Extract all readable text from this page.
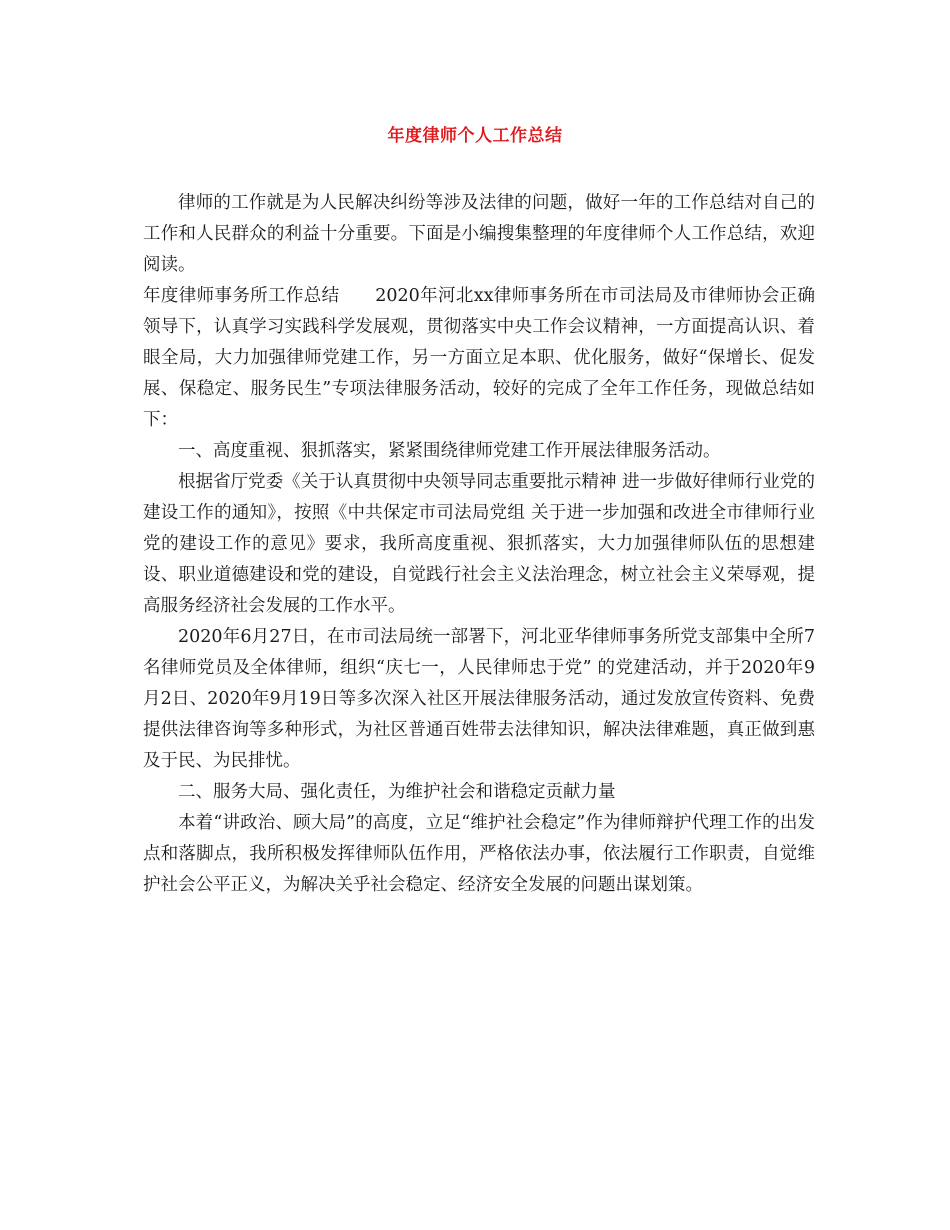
年度律师个人工作总结

律师的工作就是为人民解决纠纷等涉及法律的问题，做好一年的工作总结对自己的工作和人民群众的利益十分重要。下面是小编搜集整理的年度律师个人工作总结，欢迎阅读。

年度律师事务所工作总结　　2020年河北xx律师事务所在市司法局及市律师协会正确领导下，认真学习实践科学发展观，贯彻落实中央工作会议精神，一方面提高认识、着眼全局，大力加强律师党建工作，另一方面立足本职、优化服务，做好“保增长、促发展、保稳定、服务民生”专项法律服务活动，较好的完成了全年工作任务，现做总结如下：

一、高度重视、狠抓落实，紧紧围绕律师党建工作开展法律服务活动。

根据省厅党委《关于认真贯彻中央领导同志重要批示精神 进一步做好律师行业党的建设工作的通知》，按照《中共保定市司法局党组 关于进一步加强和改进全市律师行业党的建设工作的意见》要求，我所高度重视、狠抓落实，大力加强律师队伍的思想建设、职业道德建设和党的建设，自觉践行社会主义法治理念，树立社会主义荣辱观，提高服务经济社会发展的工作水平。

2020年6月27日，在市司法局统一部署下，河北亚华律师事务所党支部集中全所7名律师党员及全体律师，组织“庆七一，人民律师忠于党” 的党建活动，并于2020年9月2日、2020年9月19日等多次深入社区开展法律服务活动，通过发放宣传资料、免费提供法律咨询等多种形式，为社区普通百姓带去法律知识，解决法律难题，真正做到惠及于民、为民排忧。

二、服务大局、强化责任，为维护社会和谐稳定贡献力量

本着“讲政治、顾大局”的高度，立足“维护社会稳定”作为律师辩护代理工作的出发点和落脚点，我所积极发挥律师队伍作用，严格依法办事，依法履行工作职责，自觉维护社会公平正义，为解决关乎社会稳定、经济安全发展的问题出谋划策。
